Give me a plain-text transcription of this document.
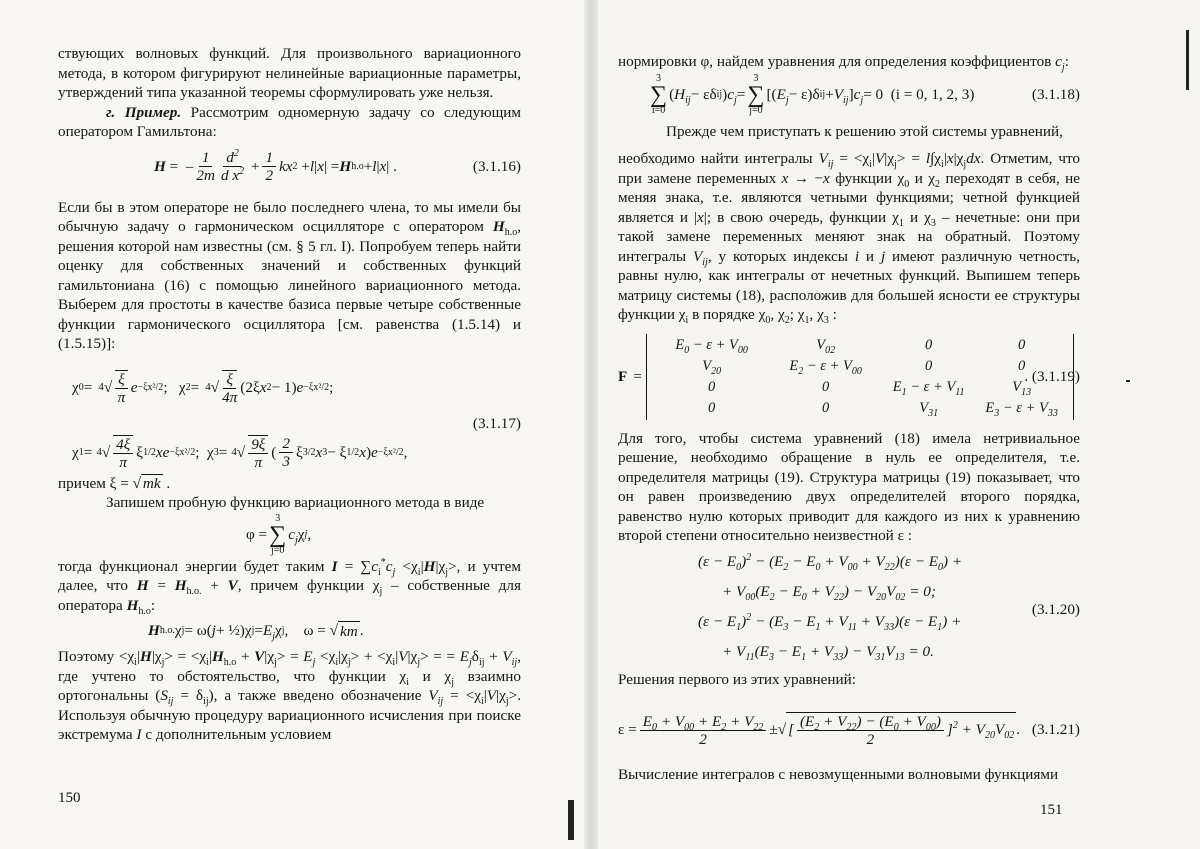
ствующих волновых функций. Для произвольного вариационного метода, в котором фигурируют нелинейные вариационные параметры, утверждений типа указанной теоремы сформулировать уже нельзя.

г. Пример. Рассмотрим одномерную задачу со следующим оператором Гамильтона:

H =  – $\frac{1}{2m} \frac{d^2}{d x^2} + \frac{1}{2}$ kx 2 + l | x | = H h.o + l | x | .	(3.1.16)

Если бы в этом операторе не было последнего члена, то мы имели бы обычную задачу о гармоническом осцилляторе с оператором $H_{h.o}$, решения которой нам известны (см. § 5 гл. I). Попробуем теперь найти оценку для собственных значений и собственных функций гамильтониана (16) с помощью линейного вариационного метода. Выберем для простоты в качестве базиса первые четыре собственные функции гармонического осциллятора [см. равенства (1.5.14) и (1.5.15)]:

χ 0 = 4 √ $\frac{\xi}{\pi}$ e −ξx²/2 ;   χ 2 = 4 √ $\frac{\xi}{4\pi} (2\xi$ x 2 − 1) e −ξx²/2 ;
(3.1.17)
χ 1 = 4 √ $\frac{4\xi}{\pi}$ ξ 1/2 xe −ξx²/2 ;  χ 3 = 4 √ $\frac{9\xi}{\pi}$ ( $\frac{2}{3}$ ξ 3/2 x 3 − ξ 1/2 x ) e −ξx²/2 ,

причем ξ = √ mk .

Запишем пробную функцию вариационного метода в виде

φ =
3
∑
j=0
$c_j$ χ j ,

тогда функционал энергии будет таким $I = \sum c_i^*c_j <\chi_i|H|\chi_j>$, и учтем далее, что $H = H_{h.o.} + V$, причем функции $\chi_j$ – собственные для оператора $H_{h.o}$:

H h.o. χ j = ω( j + ½)χ $j = E_j$ χ j ,    ω = √ km .

Поэтому $<\chi_i|H|\chi_j> = <\chi_i|H_{h.o} + V|\chi_j> = E_j <\chi_i|\chi_j> + <\chi_i|V|\chi_j>$ = = $E_j\delta_{ij} + V_{ij}$, где учтено то обстоятельство, что функции $\chi_i$ и $\chi_j$ взаимно ортогональны $(S_{ij} = \delta_{ij})$, а также введено обозначение $V_{ij} = <\chi_i|V|\chi_j>$. Используя обычную процедуру вариационного исчисления при поиске экстремума I с дополнительным условием

150

нормировки φ, найдем уравнения для определения коэффициентов $c_j$:

3
∑
i=0
( $H_{ij} - \varepsilon\delta$ ij ) $c_j$ =
3
∑
j=0
[( $E_j - \varepsilon)\delta$ ij + $V_{ij}$ ] $c_j = 0$ (i = 0, 1, 2, 3)	(3.1.18)

Прежде чем приступать к решению этой системы уравнений,

необходимо найти интегралы $V_{ij} = <\chi_i|V|\chi_j> = l\int\chi_i|x|\chi_jdx$. Отметим, что при замене переменных x → −x функции $\chi_0$ и $\chi_2$ переходят в себя, не меняя знака, т.е. являются четными функциями; четной функцией является и |x|; в свою очередь, функции $\chi_1$ и $\chi_3$ – нечетные: они при такой замене переменных меняют знак на обратный. Поэтому интегралы $V_{ij}$, у которых индексы i и j имеют различную четность, равны нулю, как интегралы от нечетных функций. Выпишем теперь матрицу системы (18), расположив для большей ясности ее структуры функции $\chi_i$ в порядке $\chi_0$, $\chi_2$; $\chi_1$, $\chi_3$ :

F =
$E_0 - \varepsilon + V_{00}$	$V_{02}$	0	0
$V_{20}$	$E_2 - \varepsilon + V_{00}$	0	0
0	0	$E_1 - \varepsilon + V_{11}$	$V_{13}$
0	0	$V_{31}$	$E_3 - \varepsilon + V_{33}$
. (3.1.19)

Для того, чтобы система уравнений (18) имела нетривиальное решение, необходимо обращение в нуль ее определителя, т.е. определителя матрицы (19). Структура матрицы (19) показывает, что он равен произведению двух определителей второго порядка, равенство нулю которых приводит для каждого из них к уравнению второй степени относительно неизвестной ε :

$(\varepsilon - E_0)^2 - (E_2 - E_0 + V_{00} + V_{22})(\varepsilon - E_0)$ +
+ $V_{00}(E_2 - E_0 + V_{22}) - V_{20}V_{02} = 0$;
$(\varepsilon - E_1)^2 - (E_3 - E_1 + V_{11} + V_{33})(\varepsilon - E_1)$ +
+ $V_{11}(E_3 - E_1 + V_{33}) - V_{31}V_{13} = 0$.
(3.1.20)

Решения первого из этих уравнений:

$\varepsilon = \frac{E_0 + V_{00} + E_2 + V_{22}}{2}$ ±√ [ $\frac{(E_2 + V_{22}) - (E_0 + V_{00})}{2} ]^2 + V_{20}V_{02}$ . (3.1.21)

Вычисление интегралов с невозмущенными волновыми функциями

151
